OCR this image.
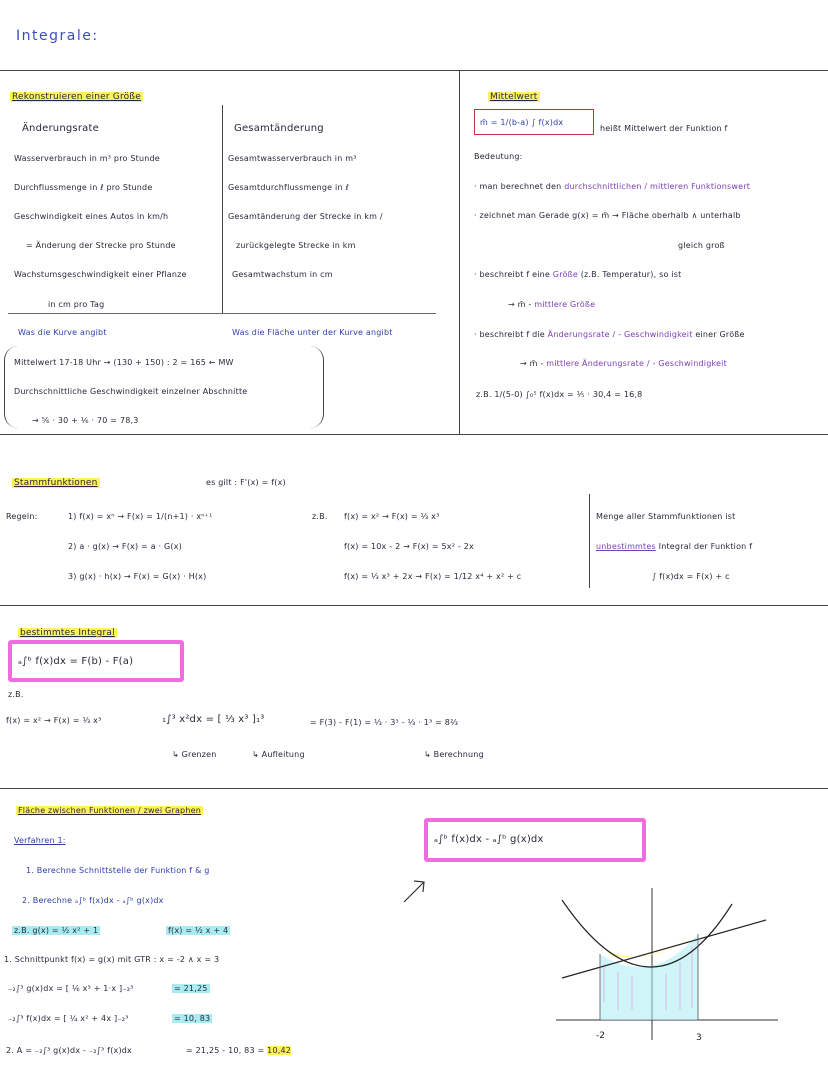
Integrale:
Rekonstruieren einer Größe
Änderungsrate	Gesamtänderung
Wasserverbrauch in m³ pro Stunde	Gesamtwasserverbrauch in m³
Durchflussmenge in ℓ pro Stunde	Gesamtdurchflussmenge in ℓ
Geschwindigkeit eines Autos in km/h	Gesamtänderung der Strecke in km /
= Änderung der Strecke pro Stunde	zurückgelegte Strecke in km
Wachstumsgeschwindigkeit einer Pflanze	Gesamtwachstum in cm
in cm pro Tag
Was die Kurve angibt	Was die Fläche unter der Kurve angibt
Mittelwert 17-18 Uhr → (130 + 150) : 2 = 165 ← MW
Durchschnittliche Geschwindigkeit einzelner Abschnitte
→ ⅚ · 30 + ⅙ · 70 = 78,3
Mittelwert
m̄ = 1/(b-a) ∫ f(x)dx
heißt Mittelwert der Funktion f
Bedeutung:
· man berechnet den durchschnittlichen / mittleren Funktionswert
· zeichnet man Gerade g(x) = m̄ → Fläche oberhalb ∧ unterhalb
gleich groß
· beschreibt f eine Größe (z.B. Temperatur), so ist
→ m̄ - mittlere Größe
· beschreibt f die Änderungsrate / - Geschwindigkeit einer Größe
→ m̄ - mittlere Änderungsrate / - Geschwindigkeit
z.B. 1/(5-0) ∫₀⁵ f(x)dx = ⅕ · 30,4 = 16,8
Stammfunktionen	es gilt : F'(x) = f(x)
Regeln:	1) f(x) = xⁿ → F(x) = 1/(n+1) · xⁿ⁺¹
2) a · g(x) → F(x) = a · G(x)
3) g(x) · h(x) → F(x) = G(x) · H(x)
z.B. f(x) = x² → F(x) = ⅓ x³
f(x) = 10x - 2 → F(x) = 5x² - 2x
f(x) = ⅓ x³ + 2x → F(x) = 1/12 x⁴ + x² + c
Menge aller Stammfunktionen ist
unbestimmtes Integral der Funktion f
∫ f(x)dx = F(x) + c
bestimmtes Integral
ₐ∫ᵇ f(x)dx = F(b) - F(a)
z.B.
f(x) = x² → F(x) = ⅓ x³	₁∫³ x²dx = [ ⅓ x³ ]₁³	= F(3) - F(1) = ⅓ · 3³ - ⅓ · 1³ = 8⅔
↳ Grenzen	↳ Aufleitung	↳ Berechnung
Fläche zwischen Funktionen / zwei Graphen
Verfahren 1:
1. Berechne Schnittstelle der Funktion f & g
2. Berechne ₐ∫ᵇ f(x)dx - ₐ∫ᵇ g(x)dx
z.B. g(x) = ½ x² + 1	f(x) = ½ x + 4
1. Schnittpunkt f(x) = g(x) mit GTR : x = -2 ∧ x = 3
₋₂∫³ g(x)dx = [ ⅙ x³ + 1·x ]₋₂³	= 21,25
₋₂∫³ f(x)dx = [ ¼ x² + 4x ]₋₂³	= 10, 83
2. A = ₋₂∫³ g(x)dx - ₋₂∫³ f(x)dx	= 21,25 - 10, 83 = 10,42
ₐ∫ᵇ f(x)dx - ₐ∫ᵇ g(x)dx
-2	3
